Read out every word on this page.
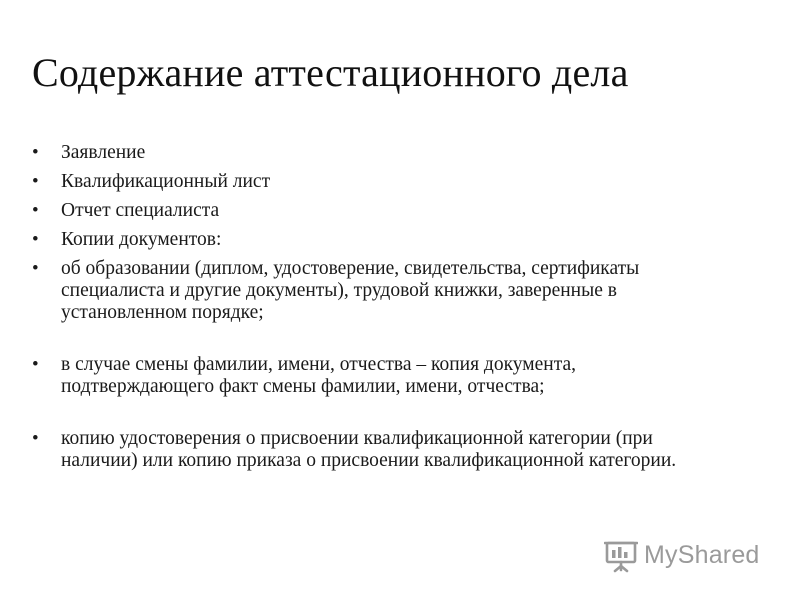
Содержание аттестационного дела
• Заявление
• Квалификационный лист
• Отчет специалиста
• Копии документов:
• об образовании (диплом, удостоверение, свидетельства, сертификаты специалиста и другие документы), трудовой книжки, заверенные в установленном порядке;
• в случае смены фамилии, имени, отчества – копия документа, подтверждающего факт смены фамилии, имени, отчества;
• копию удостоверения о присвоении квалификационной категории (при наличии) или копию приказа о присвоении квалификационной категории.
MyShared
